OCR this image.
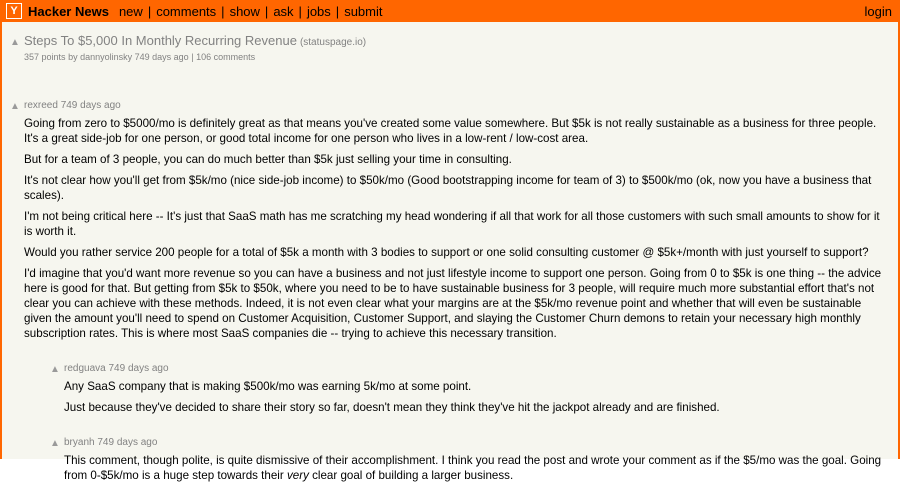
Y Hacker News new | comments | show | ask | jobs | submit	login
▲ Steps To $5,000 In Monthly Recurring Revenue (statuspage.io)
357 points by dannyolinsky 749 days ago | 106 comments
▲ rexreed 749 days ago

Going from zero to $5000/mo is definitely great as that means you've created some value somewhere. But $5k is not really sustainable as a business for three people. It's a great side-job for one person, or good total income for one person who lives in a low-rent / low-cost area.

But for a team of 3 people, you can do much better than $5k just selling your time in consulting.

It's not clear how you'll get from $5k/mo (nice side-job income) to $50k/mo (Good bootstrapping income for team of 3) to $500k/mo (ok, now you have a business that scales).

I'm not being critical here -- It's just that SaaS math has me scratching my head wondering if all that work for all those customers with such small amounts to show for it is worth it.

Would you rather service 200 people for a total of $5k a month with 3 bodies to support or one solid consulting customer @ $5k+/month with just yourself to support?

I'd imagine that you'd want more revenue so you can have a business and not just lifestyle income to support one person. Going from 0 to $5k is one thing -- the advice here is good for that. But getting from $5k to $50k, where you need to be to have sustainable business for 3 people, will require much more substantial effort that's not clear you can achieve with these methods. Indeed, it is not even clear what your margins are at the $5k/mo revenue point and whether that will even be sustainable given the amount you'll need to spend on Customer Acquisition, Customer Support, and slaying the Customer Churn demons to retain your necessary high monthly subscription rates. This is where most SaaS companies die -- trying to achieve this necessary transition.

▲ redguava 749 days ago

Any SaaS company that is making $500k/mo was earning 5k/mo at some point.

Just because they've decided to share their story so far, doesn't mean they think they've hit the jackpot already and are finished.

▲ bryanh 749 days ago

This comment, though polite, is quite dismissive of their accomplishment. I think you read the post and wrote your comment as if the $5/mo was the goal. Going from 0-$5k/mo is a huge step towards their very clear goal of building a larger business.
